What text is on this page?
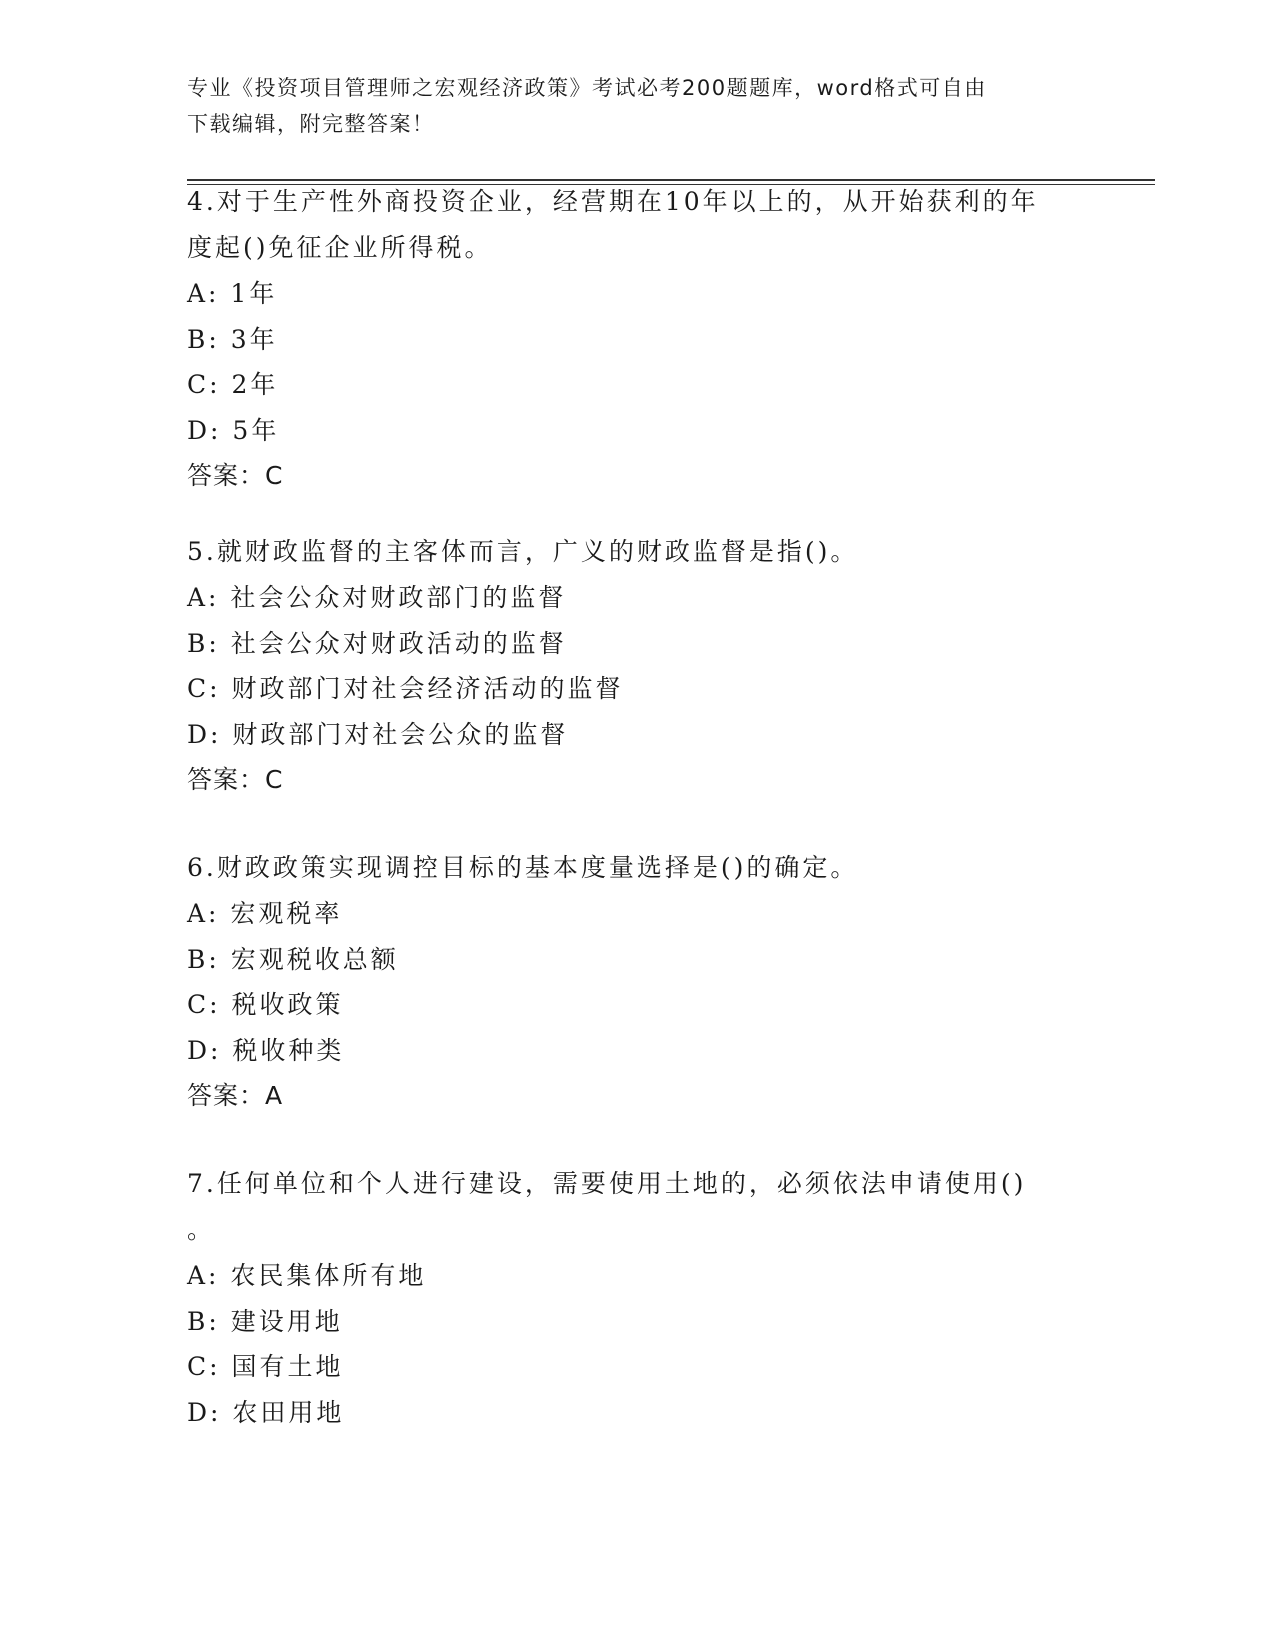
专业《投资项目管理师之宏观经济政策》考试必考200题题库，word格式可自由
下载编辑，附完整答案！
4.对于生产性外商投资企业，经营期在10年以上的，从开始获利的年
度起()免征企业所得税。
A: 1年
B: 3年
C: 2年
D: 5年
答案：C
5.就财政监督的主客体而言，广义的财政监督是指()。
A: 社会公众对财政部门的监督
B: 社会公众对财政活动的监督
C: 财政部门对社会经济活动的监督
D: 财政部门对社会公众的监督
答案：C
6.财政政策实现调控目标的基本度量选择是()的确定。
A: 宏观税率
B: 宏观税收总额
C: 税收政策
D: 税收种类
答案：A
7.任何单位和个人进行建设，需要使用土地的，必须依法申请使用()
。
A: 农民集体所有地
B: 建设用地
C: 国有土地
D: 农田用地
